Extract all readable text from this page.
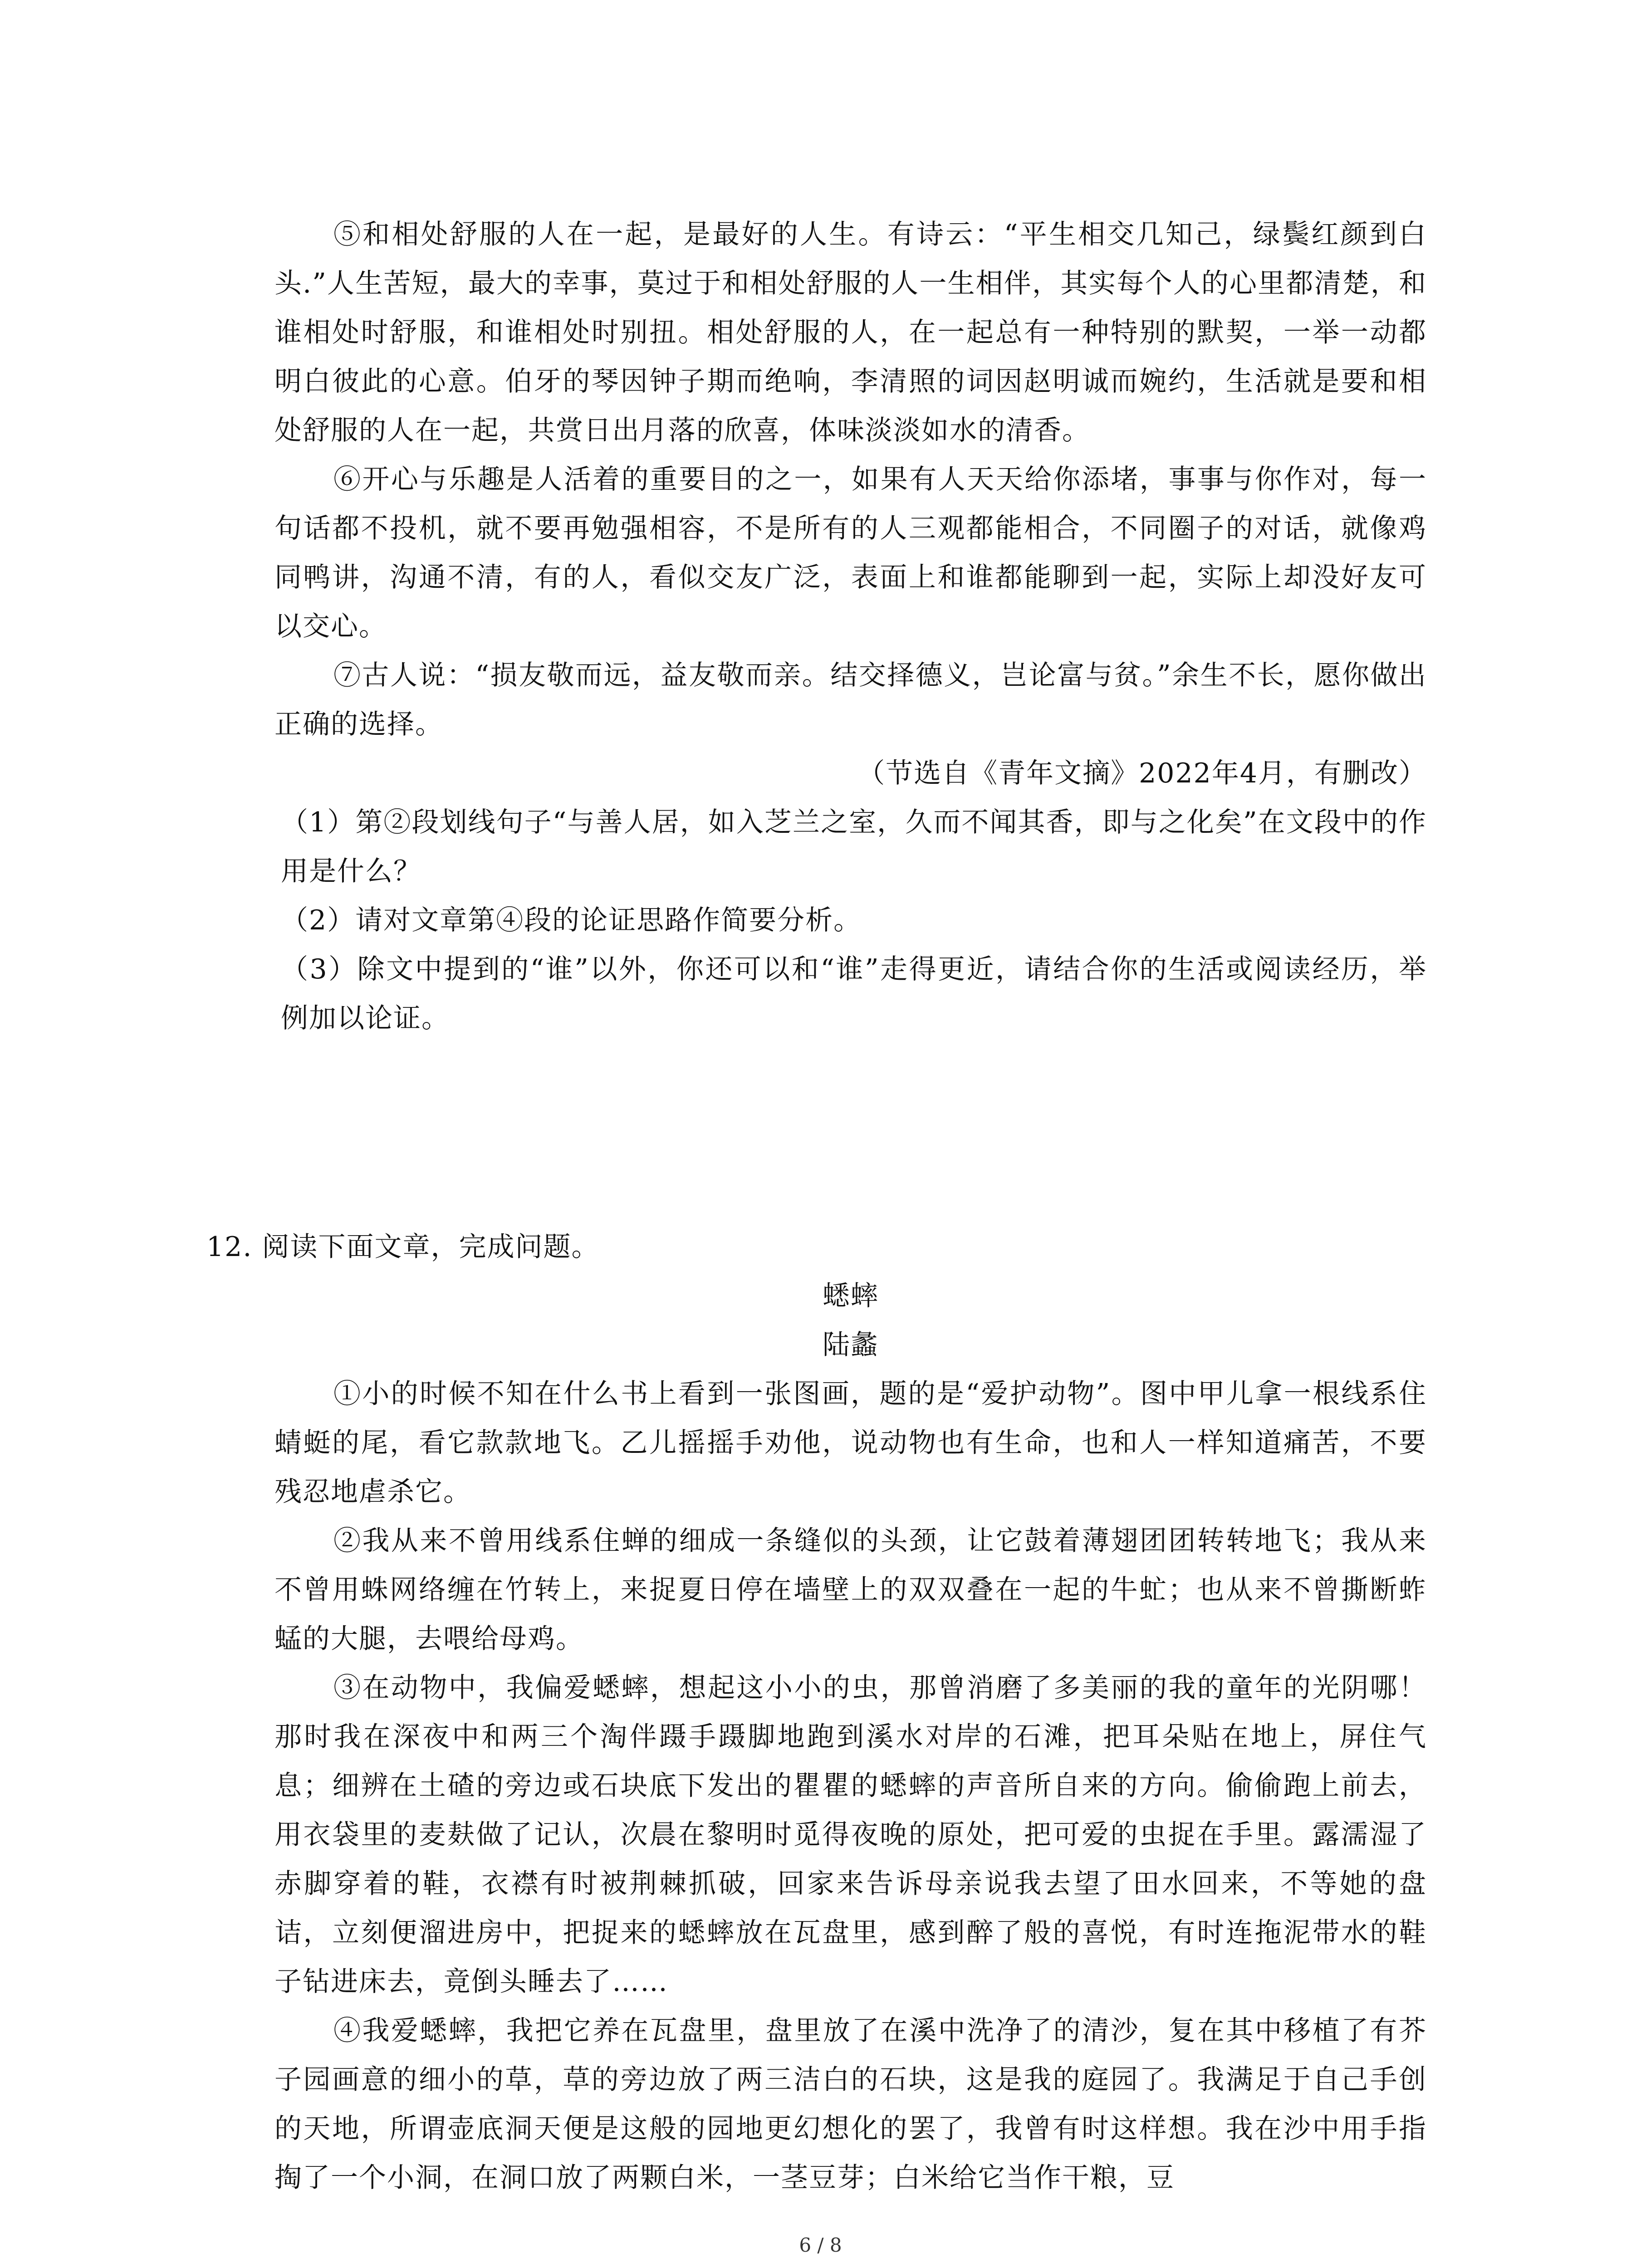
⑤和相处舒服的人在一起，是最好的人生。有诗云：“平生相交几知己，绿鬓红颜到白头.”人生苦短，最大的幸事，莫过于和相处舒服的人一生相伴，其实每个人的心里都清楚，和谁相处时舒服，和谁相处时别扭。相处舒服的人，在一起总有一种特别的默契，一举一动都明白彼此的心意。伯牙的琴因钟子期而绝响，李清照的词因赵明诚而婉约，生活就是要和相处舒服的人在一起，共赏日出月落的欣喜，体味淡淡如水的清香。

⑥开心与乐趣是人活着的重要目的之一，如果有人天天给你添堵，事事与你作对，每一句话都不投机，就不要再勉强相容，不是所有的人三观都能相合，不同圈子的对话，就像鸡同鸭讲，沟通不清，有的人，看似交友广泛，表面上和谁都能聊到一起，实际上却没好友可以交心。

⑦古人说：“损友敬而远，益友敬而亲。结交择德义，岂论富与贫。”余生不长，愿你做出正确的选择。

（节选自《青年文摘》2022年4月，有删改）

（1）第②段划线句子“与善人居，如入芝兰之室，久而不闻其香，即与之化矣”在文段中的作用是什么？

（2）请对文章第④段的论证思路作简要分析。

（3）除文中提到的“谁”以外，你还可以和“谁”走得更近，请结合你的生活或阅读经历，举例加以论证。

12. 阅读下面文章，完成问题。

蟋蟀

陆蠡

①小的时候不知在什么书上看到一张图画，题的是“爱护动物”。图中甲儿拿一根线系住蜻蜓的尾，看它款款地飞。乙儿摇摇手劝他，说动物也有生命，也和人一样知道痛苦，不要残忍地虐杀它。

②我从来不曾用线系住蝉的细成一条缝似的头颈，让它鼓着薄翅团团转转地飞；我从来不曾用蛛网络缠在竹转上，来捉夏日停在墙壁上的双双叠在一起的牛虻；也从来不曾撕断蚱蜢的大腿，去喂给母鸡。

③在动物中，我偏爱蟋蟀，想起这小小的虫，那曾消磨了多美丽的我的童年的光阴哪！那时我在深夜中和两三个淘伴蹑手蹑脚地跑到溪水对岸的石滩，把耳朵贴在地上，屏住气息；细辨在土碴的旁边或石块底下发出的瞿瞿的蟋蟀的声音所自来的方向。偷偷跑上前去，用衣袋里的麦麸做了记认，次晨在黎明时觅得夜晚的原处，把可爱的虫捉在手里。露濡湿了赤脚穿着的鞋，衣襟有时被荆棘抓破，回家来告诉母亲说我去望了田水回来，不等她的盘诘，立刻便溜进房中，把捉来的蟋蟀放在瓦盘里，感到醉了般的喜悦，有时连拖泥带水的鞋子钻进床去，竟倒头睡去了……

④我爱蟋蟀，我把它养在瓦盘里，盘里放了在溪中洗净了的清沙，复在其中移植了有芥子园画意的细小的草，草的旁边放了两三洁白的石块，这是我的庭园了。我满足于自己手创的天地，所谓壶底洞天便是这般的园地更幻想化的罢了，我曾有时这样想。我在沙中用手指掏了一个小洞，在洞口放了两颗白米，一茎豆芽；白米给它当作干粮，豆

6 / 8
